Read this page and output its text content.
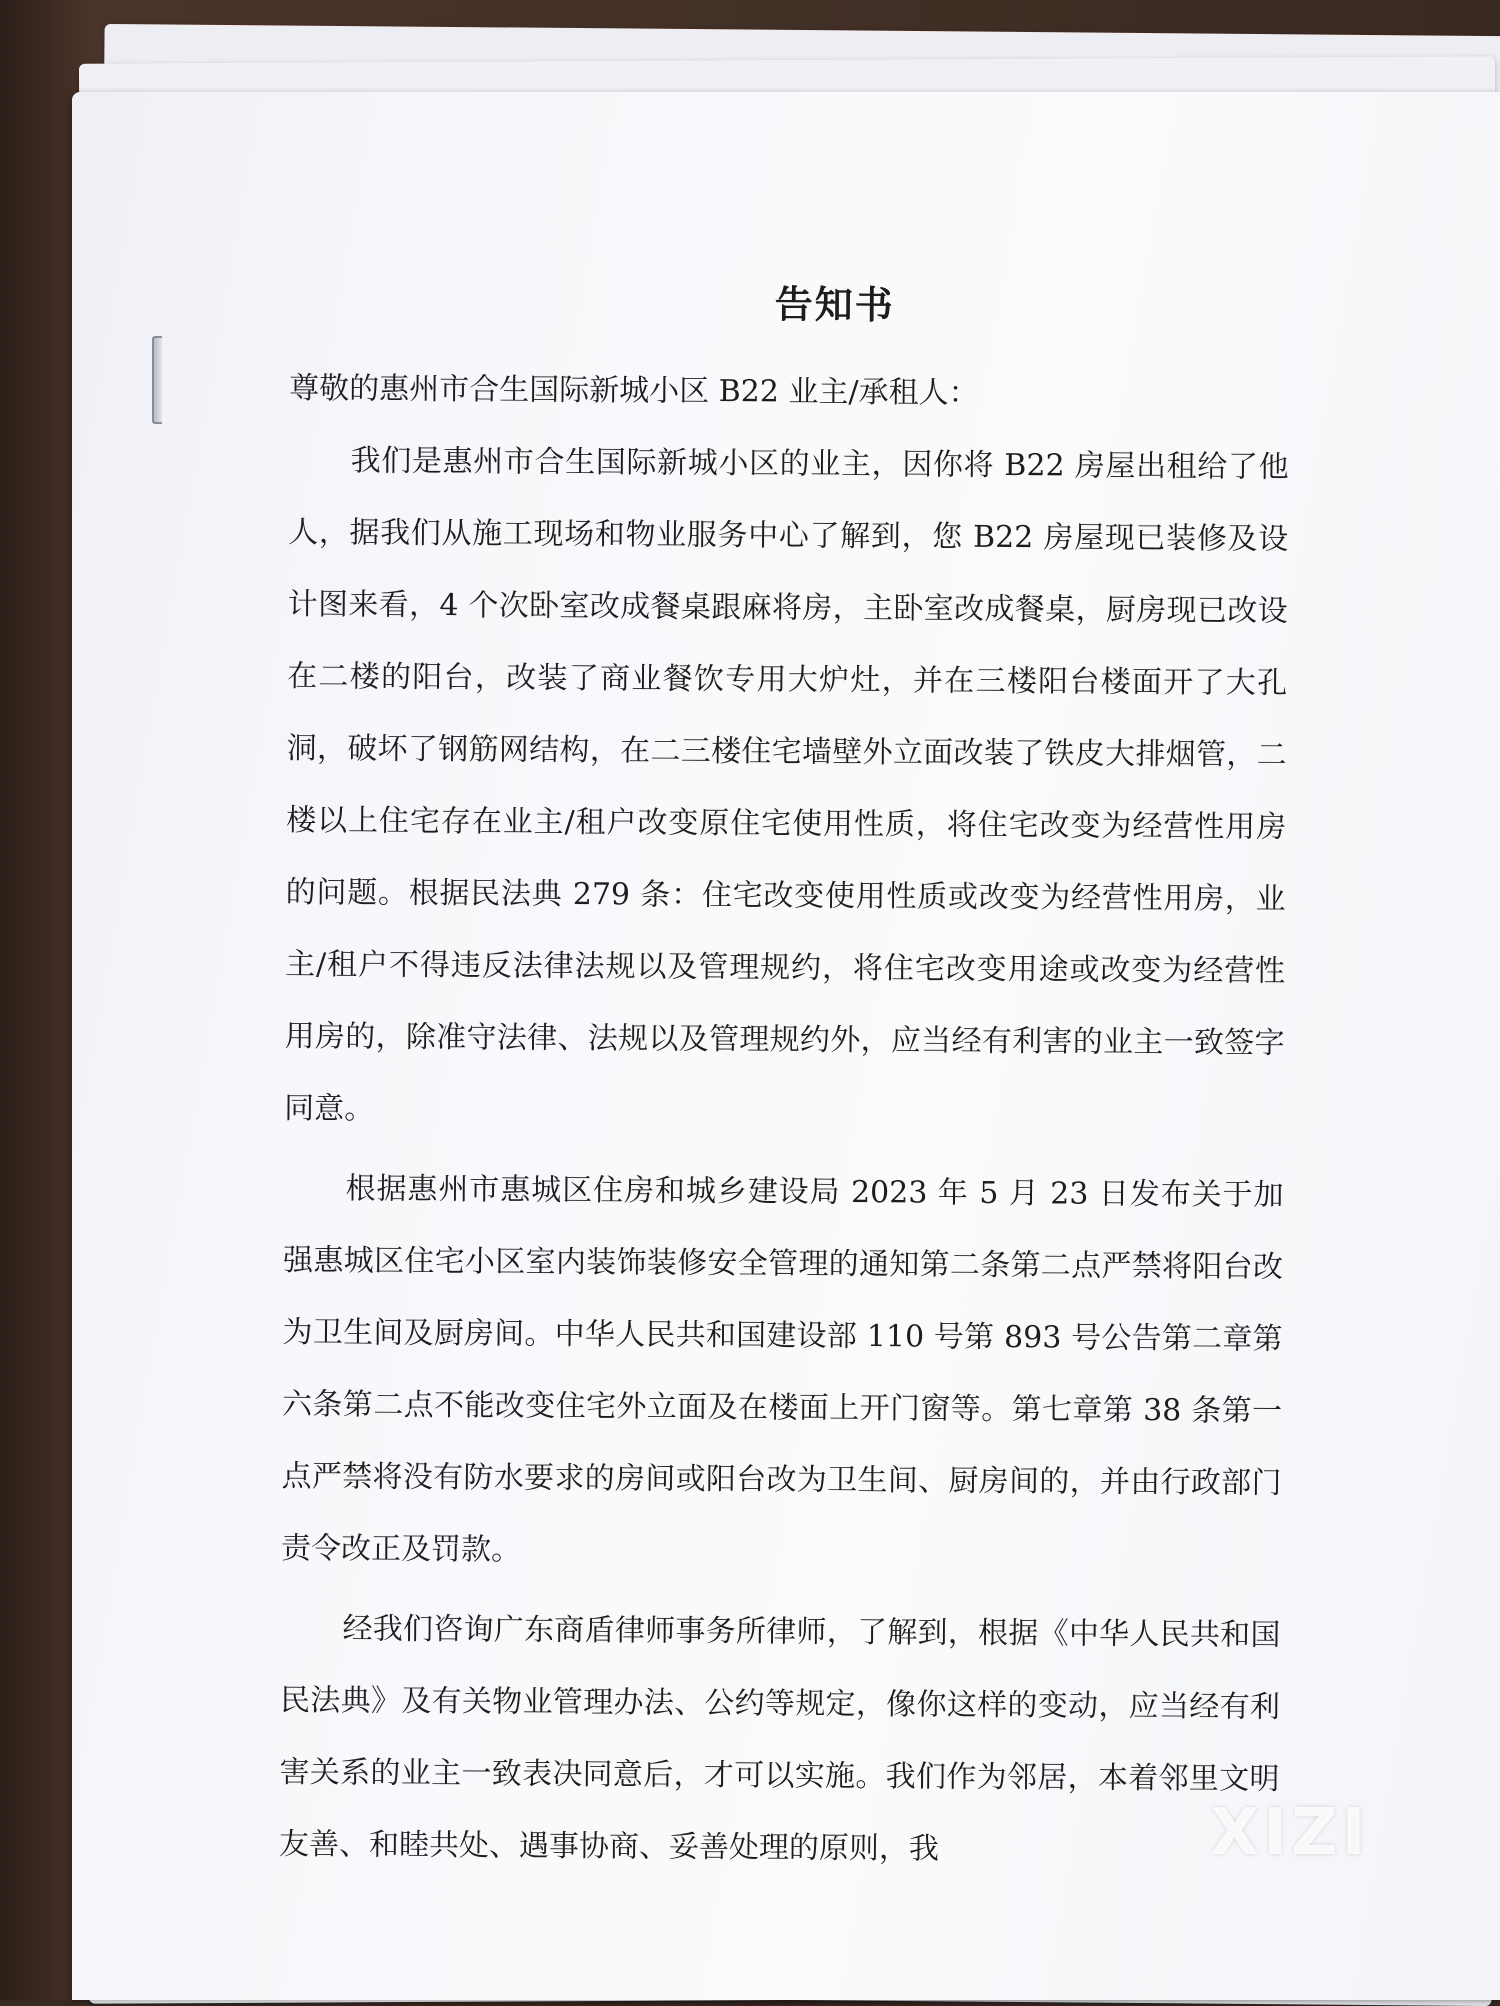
告知书

尊敬的惠州市合生国际新城小区 B22 业主/承租人：

我们是惠州市合生国际新城小区的业主，因你将 B22 房屋出租给了他人，据我们从施工现场和物业服务中心了解到，您 B22 房屋现已装修及设计图来看，4 个次卧室改成餐桌跟麻将房，主卧室改成餐桌，厨房现已改设在二楼的阳台，改装了商业餐饮专用大炉灶，并在三楼阳台楼面开了大孔洞，破坏了钢筋网结构，在二三楼住宅墙壁外立面改装了铁皮大排烟管，二楼以上住宅存在业主/租户改变原住宅使用性质，将住宅改变为经营性用房的问题。根据民法典 279 条：住宅改变使用性质或改变为经营性用房，业主/租户不得违反法律法规以及管理规约，将住宅改变用途或改变为经营性用房的，除准守法律、法规以及管理规约外，应当经有利害的业主一致签字同意。

根据惠州市惠城区住房和城乡建设局 2023 年 5 月 23 日发布关于加强惠城区住宅小区室内装饰装修安全管理的通知第二条第二点严禁将阳台改为卫生间及厨房间。中华人民共和国建设部 110 号第 893 号公告第二章第六条第二点不能改变住宅外立面及在楼面上开门窗等。第七章第 38 条第一点严禁将没有防水要求的房间或阳台改为卫生间、厨房间的，并由行政部门责令改正及罚款。

经我们咨询广东商盾律师事务所律师，了解到，根据《中华人民共和国民法典》及有关物业管理办法、公约等规定，像你这样的变动，应当经有利害关系的业主一致表决同意后，才可以实施。我们作为邻居，本着邻里文明友善、和睦共处、遇事协商、妥善处理的原则，我	XIZI
